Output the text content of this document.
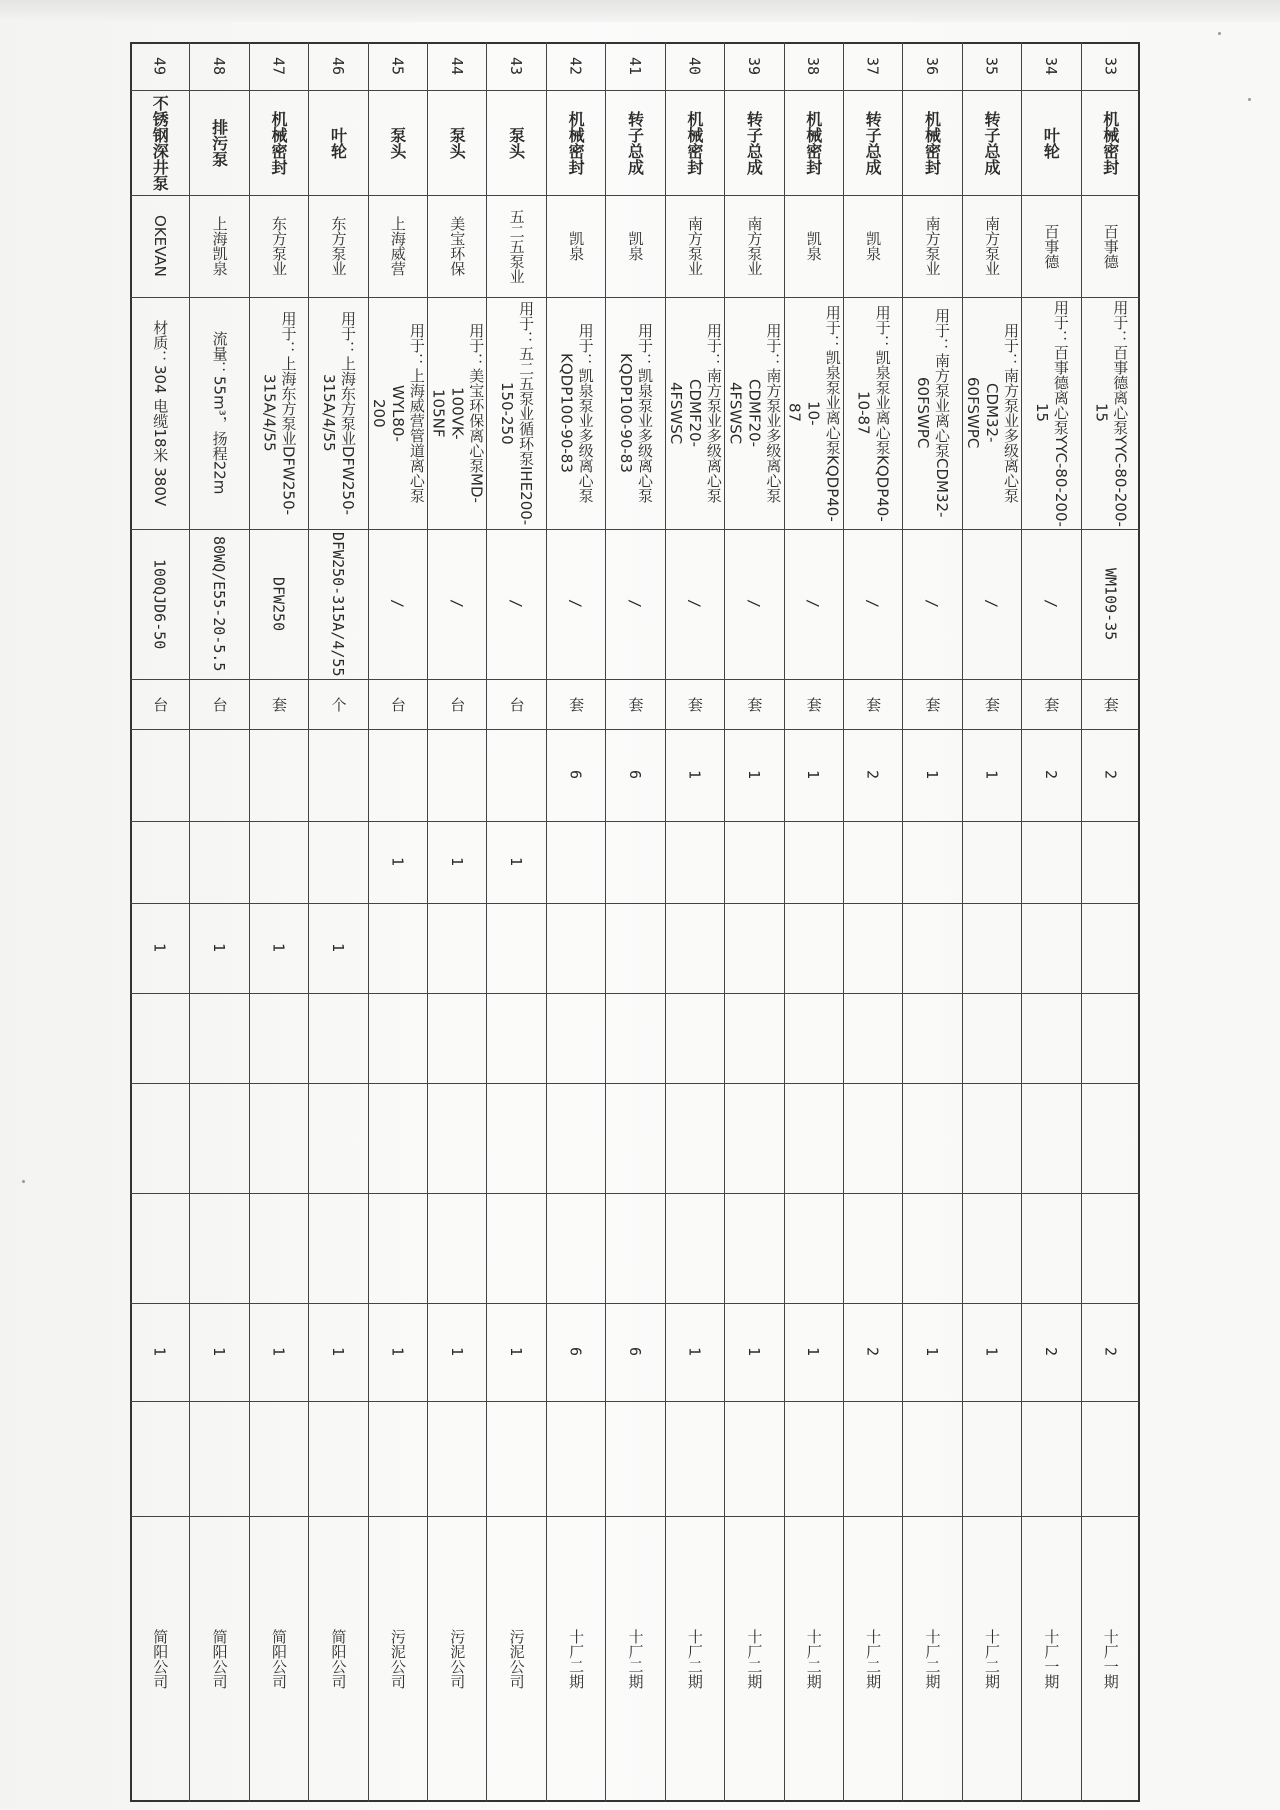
33
机械密封
百事德
用于：百事德离心泵YYC-80-200-15
WM109-35
套
2
2
十厂一期
34
叶轮
百事德
用于：百事德离心泵YYC-80-200-15
/
套
2
2
十厂一期
35
转子总成
南方泵业
用于：南方泵业多级离心泵CDM32-
60FSWPC
/
套
1
1
十厂二期
36
机械密封
南方泵业
用于：南方泵业离心泵CDM32-
60FSWPC
/
套
1
1
十厂二期
37
转子总成
凯泉
用于：凯泉泵业离心泵KQDP40-
10-87
/
套
2
2
十厂二期
38
机械密封
凯泉
用于：凯泉泵业离心泵KQDP40-10-
87
/
套
1
1
十厂二期
39
转子总成
南方泵业
用于：南方泵业多级离心泵CDMF20-
4FSWSC
/
套
1
1
十厂二期
40
机械密封
南方泵业
用于：南方泵业多级离心泵CDMF20-
4FSWSC
/
套
1
1
十厂二期
41
转子总成
凯泉
用于：凯泉泵业多级离心泵
KQDP100-90-83
/
套
6
6
十厂二期
42
机械密封
凯泉
用于：凯泉泵业多级离心泵
KQDP100-90-83
/
套
6
6
十厂二期
43
泵头
五二五泵业
用于：五二五泵业循环泵IHE200-
150-250
/
台
1
1
污泥公司
44
泵头
美宝环保
用于：美宝环保离心泵MD-100VK-
105NF
/
台
1
1
污泥公司
45
泵头
上海威营
用于：上海威营管道离心泵WYL80-
200
/
台
1
1
污泥公司
46
叶轮
东方泵业
用于：上海东方泵业DFW250-
315A/4/55
DFW250-315A/4/55
个
1
1
简阳公司
47
机械密封
东方泵业
用于：上海东方泵业DFW250-
315A/4/55
DFW250
套
1
1
简阳公司
48
排污泵
上海凯泉
流量：55m³，扬程22m
80WQ/E55-20-5.5
台
1
1
简阳公司
49
不锈钢深井泵
OKEVAN
材质：304 电缆18米 380V
100QJD6-50
台
1
1
简阳公司
